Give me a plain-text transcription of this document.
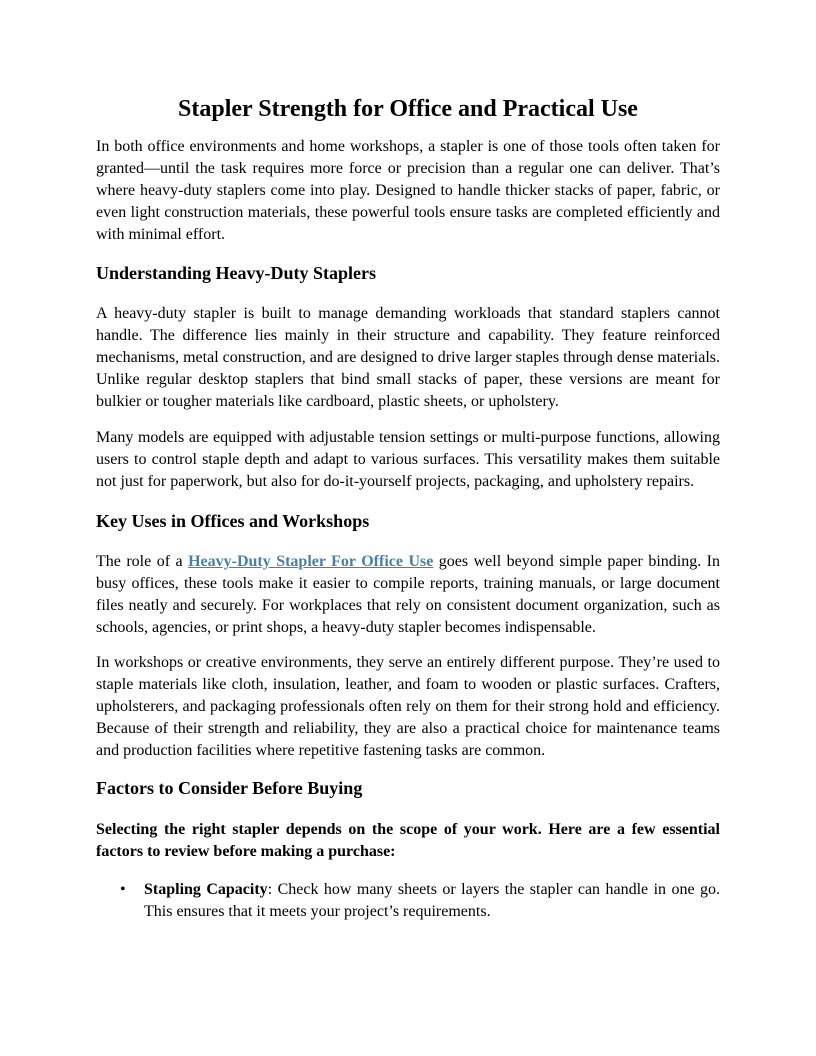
Stapler Strength for Office and Practical Use

In both office environments and home workshops, a stapler is one of those tools often taken for granted—until the task requires more force or precision than a regular one can deliver. That’s where heavy-duty staplers come into play. Designed to handle thicker stacks of paper, fabric, or even light construction materials, these powerful tools ensure tasks are completed efficiently and with minimal effort.

Understanding Heavy-Duty Staplers

A heavy-duty stapler is built to manage demanding workloads that standard staplers cannot handle. The difference lies mainly in their structure and capability. They feature reinforced mechanisms, metal construction, and are designed to drive larger staples through dense materials. Unlike regular desktop staplers that bind small stacks of paper, these versions are meant for bulkier or tougher materials like cardboard, plastic sheets, or upholstery.

Many models are equipped with adjustable tension settings or multi-purpose functions, allowing users to control staple depth and adapt to various surfaces. This versatility makes them suitable not just for paperwork, but also for do-it-yourself projects, packaging, and upholstery repairs.

Key Uses in Offices and Workshops

The role of a Heavy-Duty Stapler For Office Use goes well beyond simple paper binding. In busy offices, these tools make it easier to compile reports, training manuals, or large document files neatly and securely. For workplaces that rely on consistent document organization, such as schools, agencies, or print shops, a heavy-duty stapler becomes indispensable.

In workshops or creative environments, they serve an entirely different purpose. They’re used to staple materials like cloth, insulation, leather, and foam to wooden or plastic surfaces. Crafters, upholsterers, and packaging professionals often rely on them for their strong hold and efficiency. Because of their strength and reliability, they are also a practical choice for maintenance teams and production facilities where repetitive fastening tasks are common.

Factors to Consider Before Buying

Selecting the right stapler depends on the scope of your work. Here are a few essential factors to review before making a purchase:

• Stapling Capacity: Check how many sheets or layers the stapler can handle in one go. This ensures that it meets your project’s requirements.
